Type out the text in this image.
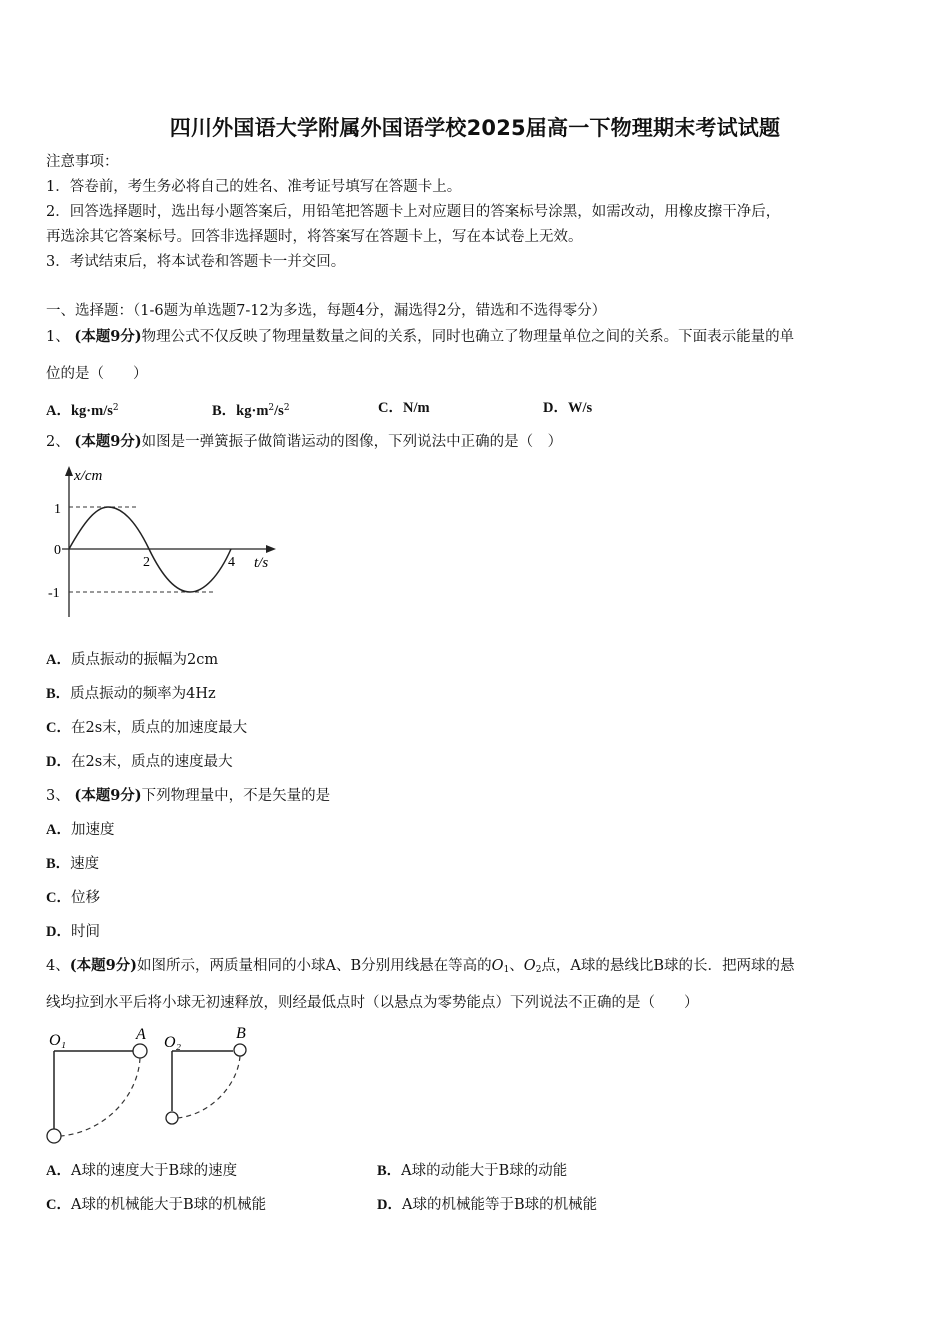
四川外国语大学附属外国语学校2025届高一下物理期末考试试题
注意事项：
1．答卷前，考生务必将自己的姓名、准考证号填写在答题卡上。
2．回答选择题时，选出每小题答案后，用铅笔把答题卡上对应题目的答案标号涂黑，如需改动，用橡皮擦干净后，
再选涂其它答案标号。回答非选择题时，将答案写在答题卡上，写在本试卷上无效。
3．考试结束后，将本试卷和答题卡一并交回。
一、选择题：（1-6题为单选题7-12为多选，每题4分，漏选得2分，错选和不选得零分）
1、 (本题9分)物理公式不仅反映了物理量数量之间的关系，同时也确立了物理量单位之间的关系。下面表示能量的单
位的是（　　）
A．$kg\cdot m/s^2$	B．$kg\cdot m^2/s^2$	C．N/m	D．W/s
2、 (本题9分)如图是一弹簧振子做简谐运动的图像，下列说法中正确的是（　）
x/cm
t/s
1
0
-1
2	4
A．质点振动的振幅为2cm
B．质点振动的频率为4Hz
C．在2s末，质点的加速度最大
D．在2s末，质点的速度最大
3、 (本题9分)下列物理量中，不是矢量的是
A．加速度
B．速度
C．位移
D．时间
4、(本题9分)如图所示，两质量相同的小球A、B分别用线悬在等高的$O_1$、$O_2$点，A球的悬线比B球的长．把两球的悬
线均拉到水平后将小球无初速释放，则经最低点时（以悬点为零势能点）下列说法不正确的是（　　）
O₁	A O₂
B
A．A球的速度大于B球的速度	B．A球的动能大于B球的动能
C．A球的机械能大于B球的机械能	D．A球的机械能等于B球的机械能
